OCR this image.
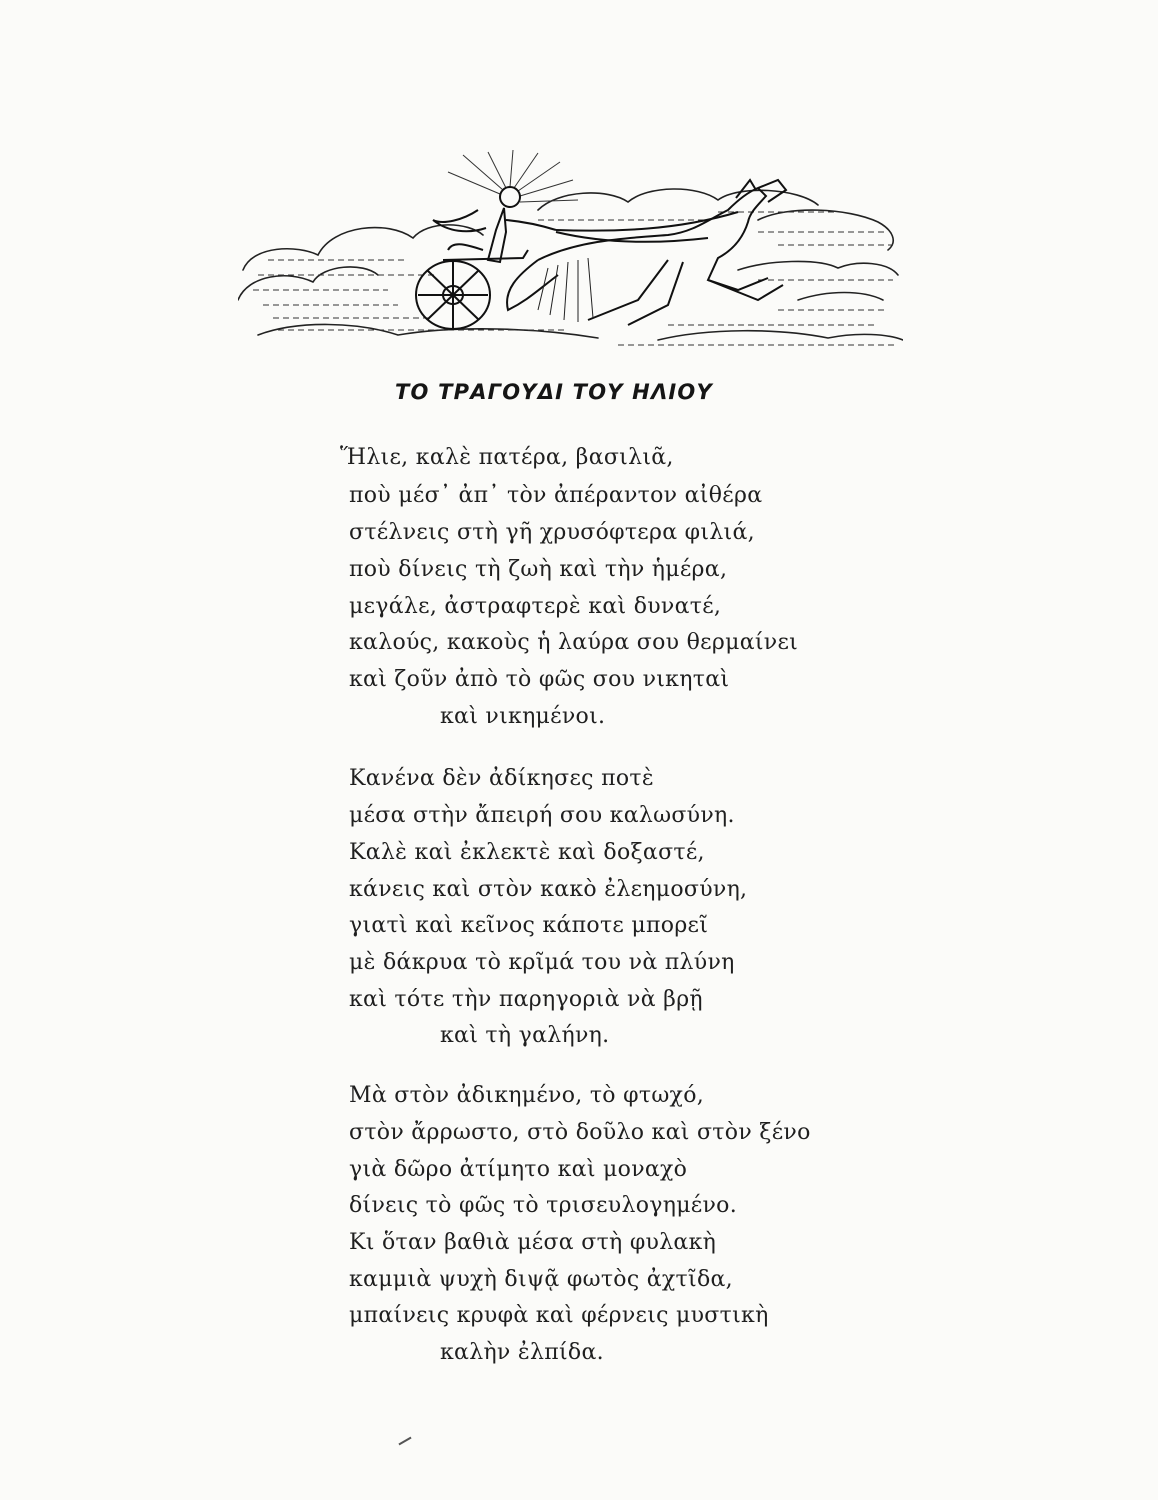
ΤΟ ΤΡΑΓΟΥΔΙ ΤΟΥ ΗΛΙΟΥ
Ἥλιε, καλὲ πατέρα, βασιλιᾶ,
ποὺ μέσ᾽ ἀπ᾽ τὸν ἀπέραντον αἰθέρα
στέλνεις στὴ γῆ χρυσόφτερα φιλιά,
ποὺ δίνεις τὴ ζωὴ καὶ τὴν ἡμέρα,
μεγάλε, ἀστραφτερὲ καὶ δυνατέ,
καλούς, κακοὺς ἡ λαύρα σου θερμαίνει
καὶ ζοῦν ἀπὸ τὸ φῶς σου νικηταὶ
καὶ νικημένοι.
Κανένα δὲν ἀδίκησες ποτὲ
μέσα στὴν ἄπειρή σου καλωσύνη.
Καλὲ καὶ ἐκλεκτὲ καὶ δοξαστέ,
κάνεις καὶ στὸν κακὸ ἐλεημοσύνη,
γιατὶ καὶ κεῖνος κάποτε μπορεῖ
μὲ δάκρυα τὸ κρῖμά του νὰ πλύνη
καὶ τότε τὴν παρηγοριὰ νὰ βρῇ
καὶ τὴ γαλήνη.
Μὰ στὸν ἀδικημένο, τὸ φτωχό,
στὸν ἄρρωστο, στὸ δοῦλο καὶ στὸν ξένο
γιὰ δῶρο ἀτίμητο καὶ μοναχὸ
δίνεις τὸ φῶς τὸ τρισευλογημένο.
Κι ὅταν βαθιὰ μέσα στὴ φυλακὴ
καμμιὰ ψυχὴ διψᾷ φωτὸς ἀχτῖδα,
μπαίνεις κρυφὰ καὶ φέρνεις μυστικὴ
καλὴν ἐλπίδα.
